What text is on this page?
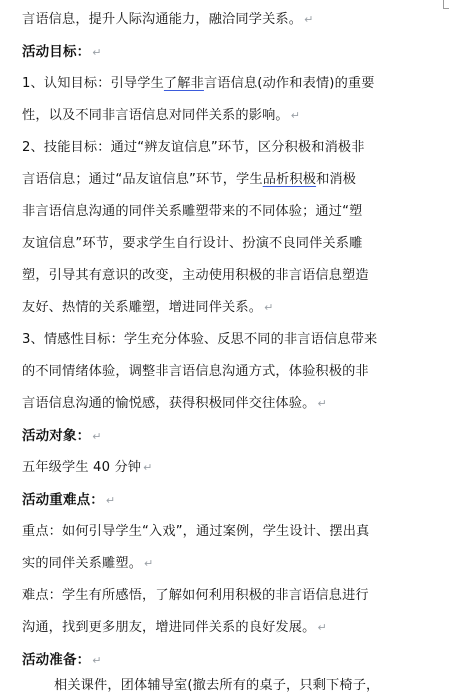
言语信息，提升人际沟通能力，融洽同学关系。 ↵
活动目标： ↵
1、认知目标：引导学生了解非言语信息(动作和表情)的重要
性，以及不同非言语信息对同伴关系的影响。 ↵
2、技能目标：通过“辨友谊信息”环节，区分积极和消极非
言语信息；通过“品友谊信息”环节，学生品析积极和消极
非言语信息沟通的同伴关系雕塑带来的不同体验；通过“塑
友谊信息”环节，要求学生自行设计、扮演不良同伴关系雕
塑，引导其有意识的改变，主动使用积极的非言语信息塑造
友好、热情的关系雕塑，增进同伴关系。 ↵
3、情感性目标：学生充分体验、反思不同的非言语信息带来
的不同情绪体验，调整非言语信息沟通方式，体验积极的非
言语信息沟通的愉悦感，获得积极同伴交往体验。 ↵
活动对象： ↵
五年级学生 40 分钟 ↵
活动重难点： ↵
重点：如何引导学生“入戏”，通过案例，学生设计、摆出真
实的同伴关系雕塑。 ↵
难点：学生有所感悟，了解如何利用积极的非言语信息进行
沟通，找到更多朋友，增进同伴关系的良好发展。 ↵
活动准备： ↵
相关课件，团体辅导室(撤去所有的桌子，只剩下椅子，
